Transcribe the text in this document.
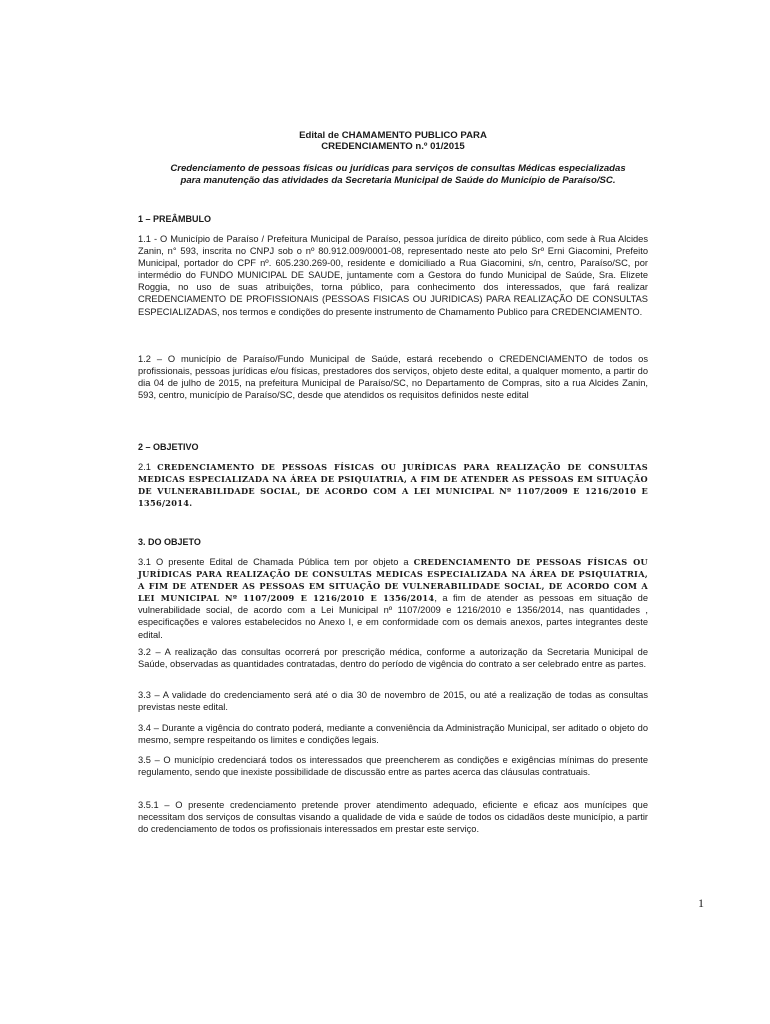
Edital de CHAMAMENTO PUBLICO PARA
CREDENCIAMENTO n.º 01/2015
Credenciamento de pessoas físicas ou jurídicas para serviços de consultas Médicas especializadas
para manutenção das atividades da Secretaria Municipal de Saúde do Município de Paraíso/SC.
1 – PREÂMBULO
1.1 - O Município de Paraíso / Prefeitura Municipal de Paraíso, pessoa jurídica de direito público, com sede à Rua Alcides Zanin, n° 593, inscrita no CNPJ sob o nº 80.912.009/0001-08, representado neste ato pelo Srº Erni Giacomini, Prefeito Municipal, portador do CPF nº. 605.230.269-00, residente e domiciliado a Rua Giacomini, s/n, centro, Paraíso/SC, por intermédio do FUNDO MUNICIPAL DE SAUDE, juntamente com a Gestora do fundo Municipal de Saúde, Sra. Elizete Roggia, no uso de suas atribuições, torna público, para conhecimento dos interessados, que fará realizar CREDENCIAMENTO DE PROFISSIONAIS (PESSOAS FISICAS OU JURIDICAS) PARA REALIZAÇÃO DE CONSULTAS ESPECIALIZADAS, nos termos e condições do presente instrumento de Chamamento Publico para CREDENCIAMENTO.
1.2 – O município de Paraíso/Fundo Municipal de Saúde, estará recebendo o CREDENCIAMENTO de todos os profissionais, pessoas jurídicas e/ou físicas, prestadores dos serviços, objeto deste edital, a qualquer momento, a partir do dia 04 de julho de 2015, na prefeitura Municipal de Paraíso/SC, no Departamento de Compras, sito a rua Alcides Zanin, 593, centro, município de Paraíso/SC, desde que atendidos os requisitos definidos neste edital
2 – OBJETIVO
2.1 CREDENCIAMENTO DE PESSOAS FÍSICAS OU JURÍDICAS PARA REALIZAÇÃO DE CONSULTAS MEDICAS ESPECIALIZADA NA ÁREA DE PSIQUIATRIA, A FIM DE ATENDER AS PESSOAS EM SITUAÇÃO DE VULNERABILIDADE SOCIAL, DE ACORDO COM A LEI MUNICIPAL Nº 1107/2009 E 1216/2010 E 1356/2014.
3. DO OBJETO
3.1 O presente Edital de Chamada Pública tem por objeto a CREDENCIAMENTO DE PESSOAS FÍSICAS OU JURÍDICAS PARA REALIZAÇÃO DE CONSULTAS MEDICAS ESPECIALIZADA NA ÁREA DE PSIQUIATRIA, A FIM DE ATENDER AS PESSOAS EM SITUAÇÃO DE VULNERABILIDADE SOCIAL, DE ACORDO COM A LEI MUNICIPAL Nº 1107/2009 E 1216/2010 E 1356/2014, a fim de atender as pessoas em situação de vulnerabilidade social, de acordo com a Lei Municipal nº 1107/2009 e 1216/2010 e 1356/2014, nas quantidades , especificações e valores estabelecidos no Anexo I, e em conformidade com os demais anexos, partes integrantes deste edital.
3.2 – A realização das consultas ocorrerá por prescrição médica, conforme a autorização da Secretaria Municipal de Saúde, observadas as quantidades contratadas, dentro do período de vigência do contrato a ser celebrado entre as partes.
3.3 – A validade do credenciamento será até o dia 30 de novembro de 2015, ou até a realização de todas as consultas previstas neste edital.
3.4 – Durante a vigência do contrato poderá, mediante a conveniência da Administração Municipal, ser aditado o objeto do mesmo, sempre respeitando os limites e condições legais.
3.5 – O município credenciará todos os interessados que preencherem as condições e exigências mínimas do presente regulamento, sendo que inexiste possibilidade de discussão entre as partes acerca das cláusulas contratuais.
3.5.1 – O presente credenciamento pretende prover atendimento adequado, eficiente e eficaz aos munícipes que necessitam dos serviços de consultas visando a qualidade de vida e saúde de todos os cidadãos deste município, a partir do credenciamento de todos os profissionais interessados em prestar este serviço.
1
